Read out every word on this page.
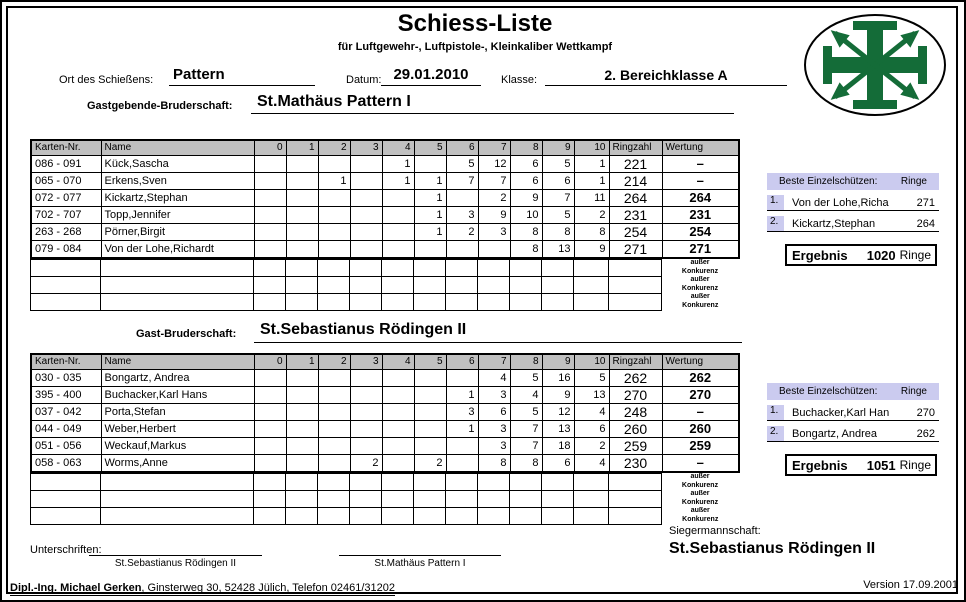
Schiess-Liste
für Luftgewehr-, Luftpistole-, Kleinkaliber Wettkampf
Ort des Schießens: Pattern	Datum: 29.01.2010	Klasse:	2. Bereichklasse A
Gastgebende-Bruderschaft:	St.Mathäus Pattern I
Karten-Nr.	Name	0	1	2	3	4	5	6	7	8	9	10	Ringzahl	Wertung
086 - 091	Kück,Sascha					1		5	12	6	5	1	221	–
065 - 070	Erkens,Sven			1		1	1	7	7	6	6	1	214	–
072 - 077	Kickartz,Stephan						1		2	9	7	11	264	264
702 - 707	Topp,Jennifer						1	3	9	10	5	2	231	231
263 - 268	Pörner,Birgit						1	2	3	8	8	8	254	254
079 - 084	Von der Lohe,Richardt									8	13	9	271	271

														außer
Konkurenz

														außer
Konkurenz

														außer
Konkurenz
Beste Einzelschützen: Ringe
1.	Von der Lohe,Richa	271
2.	Kickartz,Stephan	264
Ergebnis 1020 Ringe
Gast-Bruderschaft:	St.Sebastianus Rödingen II
Karten-Nr.	Name	0	1	2	3	4	5	6	7	8	9	10	Ringzahl	Wertung
030 - 035	Bongartz, Andrea								4	5	16	5	262	262
395 - 400	Buchacker,Karl Hans							1	3	4	9	13	270	270
037 - 042	Porta,Stefan							3	6	5	12	4	248	–
044 - 049	Weber,Herbert							1	3	7	13	6	260	260
051 - 056	Weckauf,Markus								3	7	18	2	259	259
058 - 063	Worms,Anne				2		2		8	8	6	4	230	–

														außer
Konkurenz

														außer
Konkurenz

														außer
Konkurenz
Beste Einzelschützen: Ringe
1.	Buchacker,Karl Han	270
2.	Bongartz, Andrea	262
Ergebnis 1051 Ringe
Siegermannschaft:
St.Sebastianus Rödingen II
Unterschriften:
St.Sebastianus Rödingen II	St.Mathäus Pattern I
Dipl.-Ing. Michael Gerken, Ginsterweg 30, 52428 Jülich, Telefon 02461/31202	Version 17.09.2001
